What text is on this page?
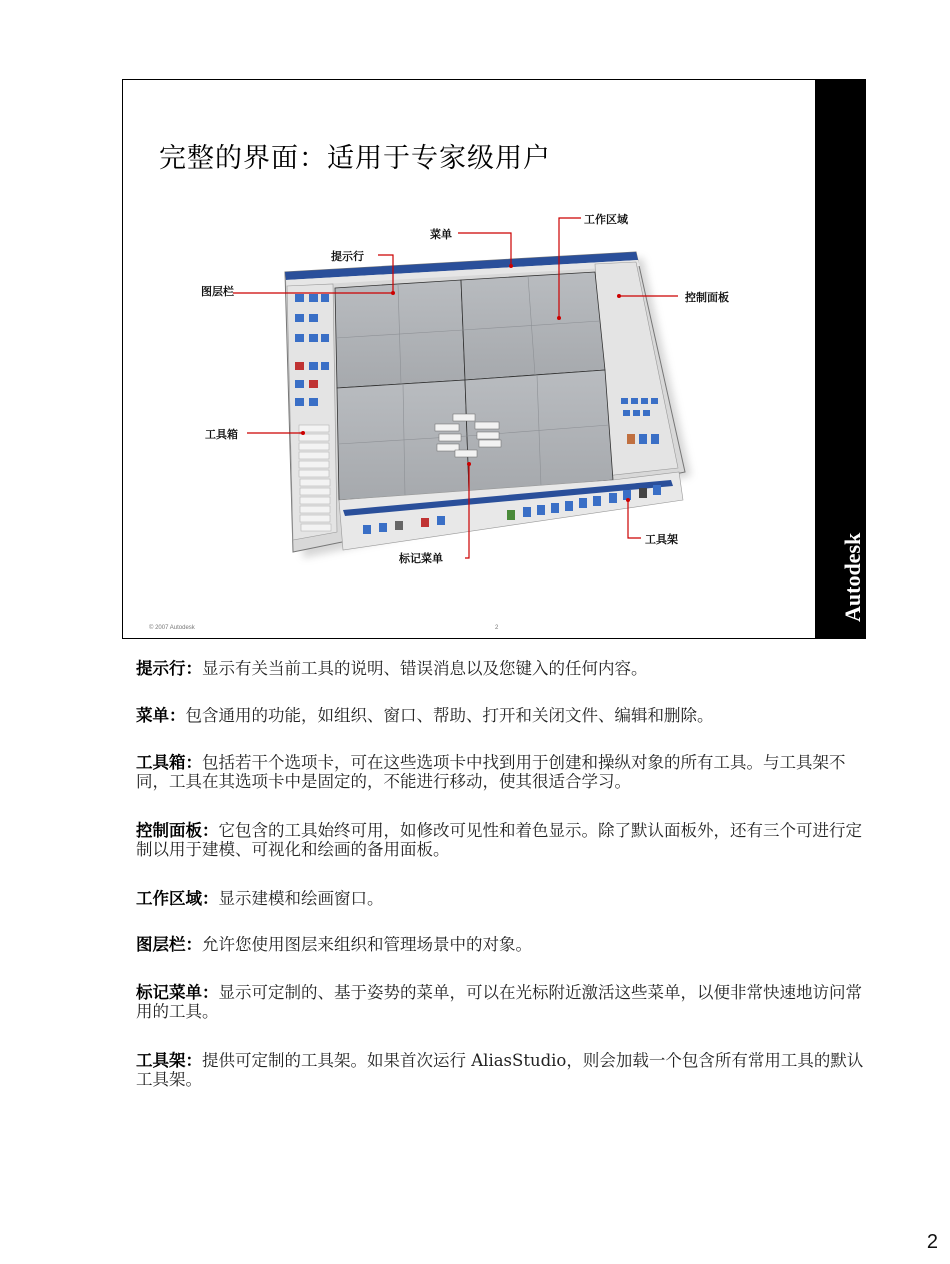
完整的界面：适用于专家级用户
Autodesk
© 2007 Autodesk	2
菜单
工作区域
提示行
图层栏	控制面板
工具箱
工具架
标记菜单
提示行：显示有关当前工具的说明、错误消息以及您键入的任何内容。
菜单：包含通用的功能，如组织、窗口、帮助、打开和关闭文件、编辑和删除。
工具箱：包括若干个选项卡，可在这些选项卡中找到用于创建和操纵对象的所有工具。与工具架不同，工具在其选项卡中是固定的，不能进行移动，使其很适合学习。
控制面板：它包含的工具始终可用，如修改可见性和着色显示。除了默认面板外，还有三个可进行定制以用于建模、可视化和绘画的备用面板。
工作区域：显示建模和绘画窗口。
图层栏：允许您使用图层来组织和管理场景中的对象。
标记菜单：显示可定制的、基于姿势的菜单，可以在光标附近激活这些菜单，以便非常快速地访问常用的工具。
工具架：提供可定制的工具架。如果首次运行 AliasStudio，则会加载一个包含所有常用工具的默认工具架。
2
